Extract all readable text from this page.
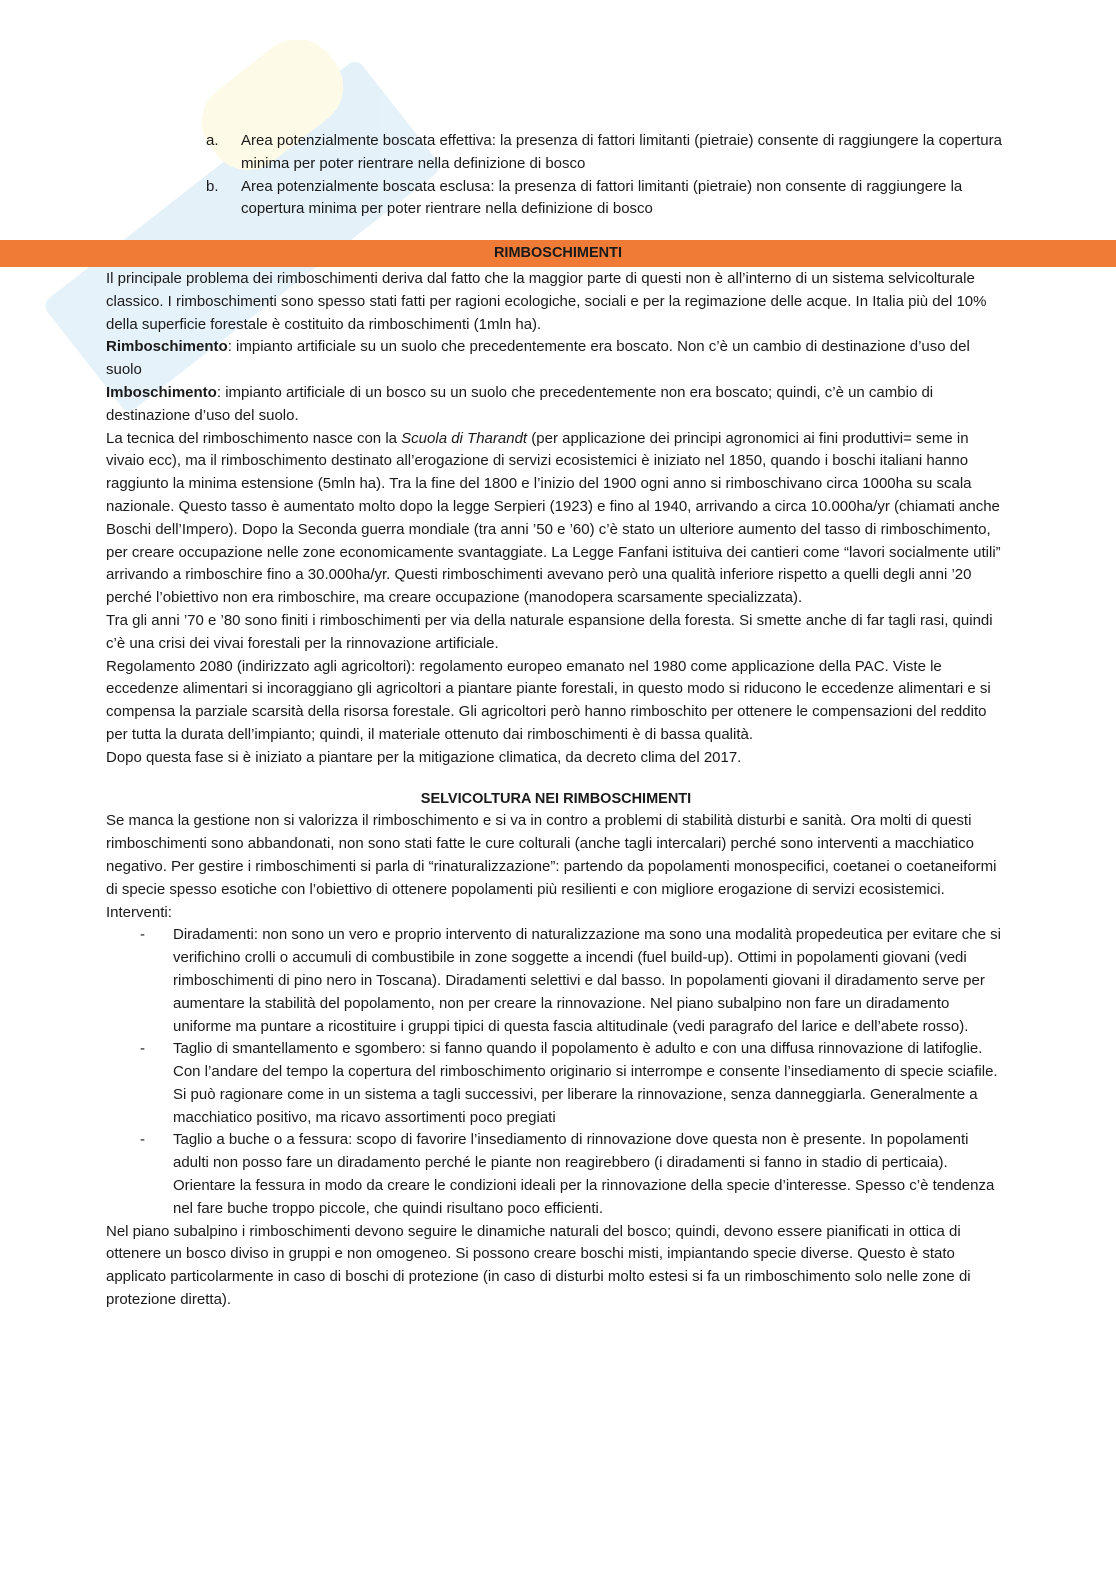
a. Area potenzialmente boscata effettiva: la presenza di fattori limitanti (pietraie) consente di raggiungere la copertura minima per poter rientrare nella definizione di bosco
b. Area potenzialmente boscata esclusa: la presenza di fattori limitanti (pietraie) non consente di raggiungere la copertura minima per poter rientrare nella definizione di bosco
RIMBOSCHIMENTI

Il principale problema dei rimboschimenti deriva dal fatto che la maggior parte di questi non è all’interno di un sistema selvicolturale classico. I rimboschimenti sono spesso stati fatti per ragioni ecologiche, sociali e per la regimazione delle acque. In Italia più del 10% della superficie forestale è costituito da rimboschimenti (1mln ha).

Rimboschimento: impianto artificiale su un suolo che precedentemente era boscato. Non c’è un cambio di destinazione d’uso del suolo

Imboschimento: impianto artificiale di un bosco su un suolo che precedentemente non era boscato; quindi, c’è un cambio di destinazione d’uso del suolo.

La tecnica del rimboschimento nasce con la Scuola di Tharandt (per applicazione dei principi agronomici ai fini produttivi= seme in vivaio ecc), ma il rimboschimento destinato all’erogazione di servizi ecosistemici è iniziato nel 1850, quando i boschi italiani hanno raggiunto la minima estensione (5mln ha). Tra la fine del 1800 e l’inizio del 1900 ogni anno si rimboschivano circa 1000ha su scala nazionale. Questo tasso è aumentato molto dopo la legge Serpieri (1923) e fino al 1940, arrivando a circa 10.000ha/yr (chiamati anche Boschi dell’Impero). Dopo la Seconda guerra mondiale (tra anni ’50 e ’60) c’è stato un ulteriore aumento del tasso di rimboschimento, per creare occupazione nelle zone economicamente svantaggiate. La Legge Fanfani istituiva dei cantieri come “lavori socialmente utili” arrivando a rimboschire fino a 30.000ha/yr. Questi rimboschimenti avevano però una qualità inferiore rispetto a quelli degli anni ’20 perché l’obiettivo non era rimboschire, ma creare occupazione (manodopera scarsamente specializzata).

Tra gli anni ’70 e ’80 sono finiti i rimboschimenti per via della naturale espansione della foresta. Si smette anche di far tagli rasi, quindi c’è una crisi dei vivai forestali per la rinnovazione artificiale.

Regolamento 2080 (indirizzato agli agricoltori): regolamento europeo emanato nel 1980 come applicazione della PAC. Viste le eccedenze alimentari si incoraggiano gli agricoltori a piantare piante forestali, in questo modo si riducono le eccedenze alimentari e si compensa la parziale scarsità della risorsa forestale. Gli agricoltori però hanno rimboschito per ottenere le compensazioni del reddito per tutta la durata dell’impianto; quindi, il materiale ottenuto dai rimboschimenti è di bassa qualità.

Dopo questa fase si è iniziato a piantare per la mitigazione climatica, da decreto clima del 2017.

SELVICOLTURA NEI RIMBOSCHIMENTI

Se manca la gestione non si valorizza il rimboschimento e si va in contro a problemi di stabilità disturbi e sanità. Ora molti di questi rimboschimenti sono abbandonati, non sono stati fatte le cure colturali (anche tagli intercalari) perché sono interventi a macchiatico negativo. Per gestire i rimboschimenti si parla di “rinaturalizzazione”: partendo da popolamenti monospecifici, coetanei o coetaneiformi di specie spesso esotiche con l’obiettivo di ottenere popolamenti più resilienti e con migliore erogazione di servizi ecosistemici.

Interventi:

- Diradamenti: non sono un vero e proprio intervento di naturalizzazione ma sono una modalità propedeutica per evitare che si verifichino crolli o accumuli di combustibile in zone soggette a incendi (fuel build-up). Ottimi in popolamenti giovani (vedi rimboschimenti di pino nero in Toscana). Diradamenti selettivi e dal basso. In popolamenti giovani il diradamento serve per aumentare la stabilità del popolamento, non per creare la rinnovazione. Nel piano subalpino non fare un diradamento uniforme ma puntare a ricostituire i gruppi tipici di questa fascia altitudinale (vedi paragrafo del larice e dell’abete rosso).
- Taglio di smantellamento e sgombero: si fanno quando il popolamento è adulto e con una diffusa rinnovazione di latifoglie. Con l’andare del tempo la copertura del rimboschimento originario si interrompe e consente l’insediamento di specie sciafile. Si può ragionare come in un sistema a tagli successivi, per liberare la rinnovazione, senza danneggiarla. Generalmente a macchiatico positivo, ma ricavo assortimenti poco pregiati
- Taglio a buche o a fessura: scopo di favorire l’insediamento di rinnovazione dove questa non è presente. In popolamenti adulti non posso fare un diradamento perché le piante non reagirebbero (i diradamenti si fanno in stadio di perticaia). Orientare la fessura in modo da creare le condizioni ideali per la rinnovazione della specie d’interesse. Spesso c’è tendenza nel fare buche troppo piccole, che quindi risultano poco efficienti.

Nel piano subalpino i rimboschimenti devono seguire le dinamiche naturali del bosco; quindi, devono essere pianificati in ottica di ottenere un bosco diviso in gruppi e non omogeneo. Si possono creare boschi misti, impiantando specie diverse. Questo è stato applicato particolarmente in caso di boschi di protezione (in caso di disturbi molto estesi si fa un rimboschimento solo nelle zone di protezione diretta).
